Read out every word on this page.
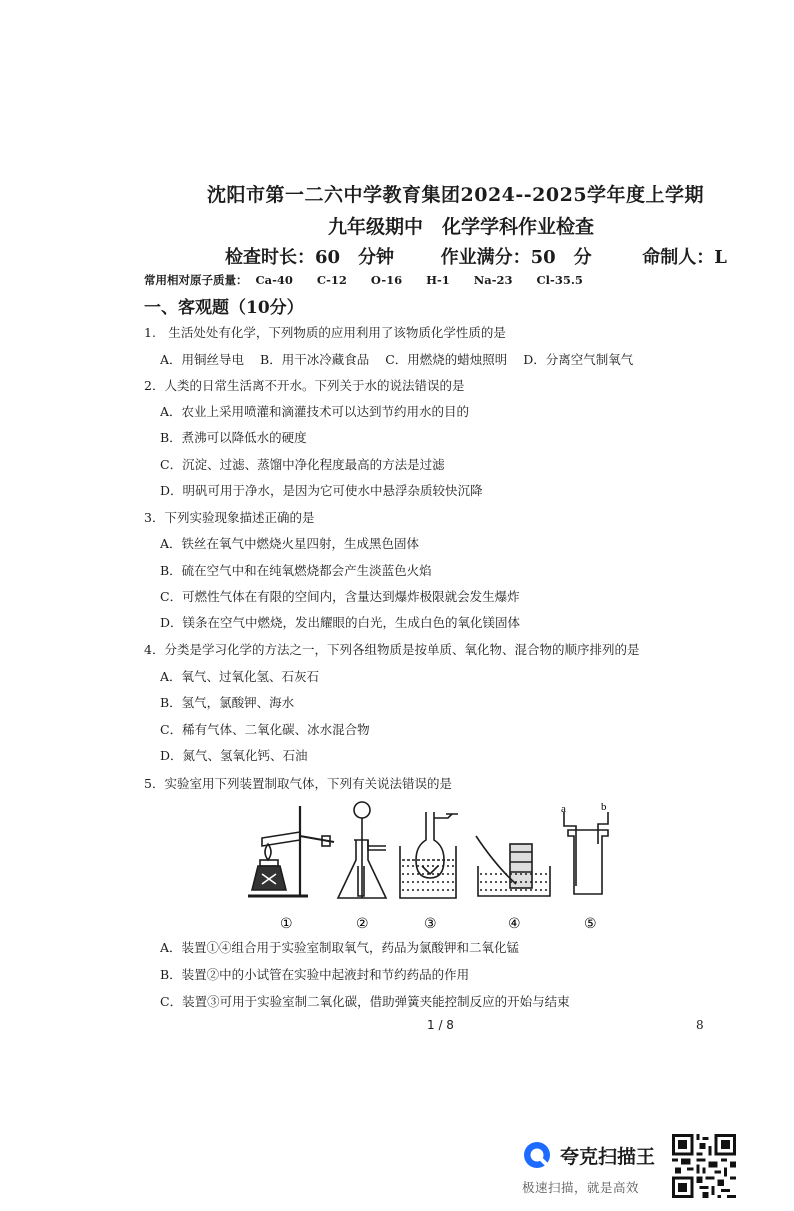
沈阳市第一二六中学教育集团2024--2025学年度上学期
九年级期中　化学学科作业检查
检查时长：60　分钟	作业满分：50　分	命制人：L
常用相对原子质量： Ca-40 C-12 O-16 H-1 Na-23 Cl-35.5
一、客观题（10分）
1.　生活处处有化学，下列物质的应用利用了该物质化学性质的是
A．用铜丝导电 B．用干冰冷藏食品 C．用燃烧的蜡烛照明 D．分离空气制氧气
2．人类的日常生活离不开水。下列关于水的说法错误的是
A．农业上采用喷灌和滴灌技术可以达到节约用水的目的
B．煮沸可以降低水的硬度
C．沉淀、过滤、蒸馏中净化程度最高的方法是过滤
D．明矾可用于净水，是因为它可使水中悬浮杂质较快沉降
3．下列实验现象描述正确的是
A．铁丝在氧气中燃烧火星四射，生成黑色固体
B．硫在空气中和在纯氧燃烧都会产生淡蓝色火焰
C．可燃性气体在有限的空间内，含量达到爆炸极限就会发生爆炸
D．镁条在空气中燃烧，发出耀眼的白光，生成白色的氧化镁固体
4．分类是学习化学的方法之一，下列各组物质是按单质、氧化物、混合物的顺序排列的是
A．氧气、过氧化氢、石灰石
B．氢气，氯酸钾、海水
C．稀有气体、二氧化碳、冰水混合物
D．氮气、氢氧化钙、石油
5．实验室用下列装置制取气体，下列有关说法错误的是
a	b
①	②	③	④	⑤
A．装置①④组合用于实验室制取氧气，药品为氯酸钾和二氧化锰
B．装置②中的小试管在实验中起液封和节约药品的作用
C．装置③可用于实验室制二氧化碳，借助弹簧夹能控制反应的开始与结束
1 / 8	8
夸克扫描王
极速扫描，就是高效
